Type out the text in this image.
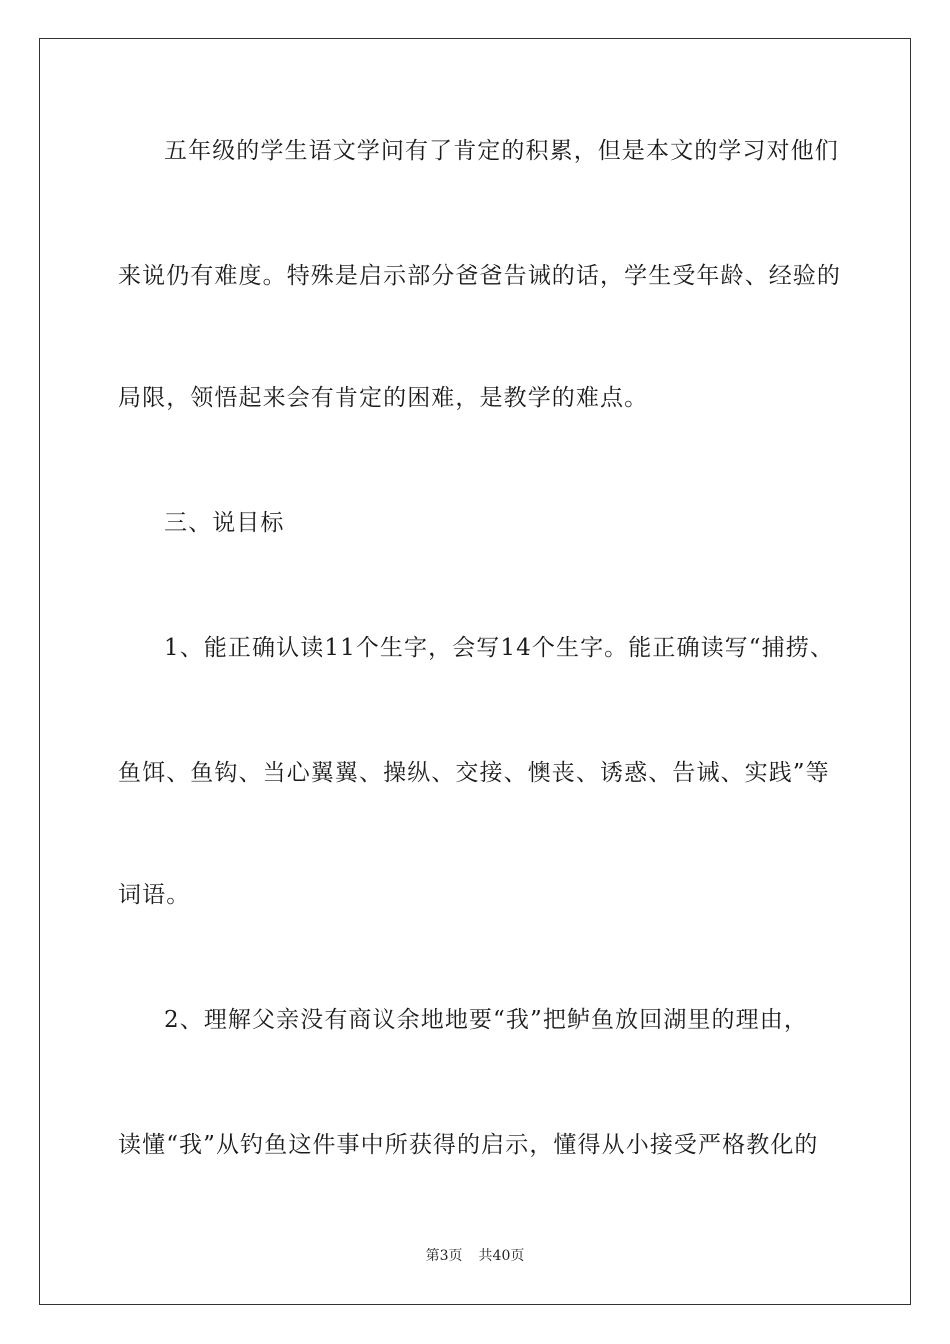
五年级的学生语文学问有了肯定的积累，但是本文的学习对他们
来说仍有难度。特殊是启示部分爸爸告诫的话，学生受年龄、经验的
局限，领悟起来会有肯定的困难，是教学的难点。
三、说目标
1、能正确认读11个生字，会写14个生字。能正确读写“捕捞、
鱼饵、鱼钩、当心翼翼、操纵、交接、懊丧、诱惑、告诫、实践”等
词语。
2、理解父亲没有商议余地地要“我”把鲈鱼放回湖里的理由，
读懂“我”从钓鱼这件事中所获得的启示，懂得从小接受严格教化的
第3页 共40页
